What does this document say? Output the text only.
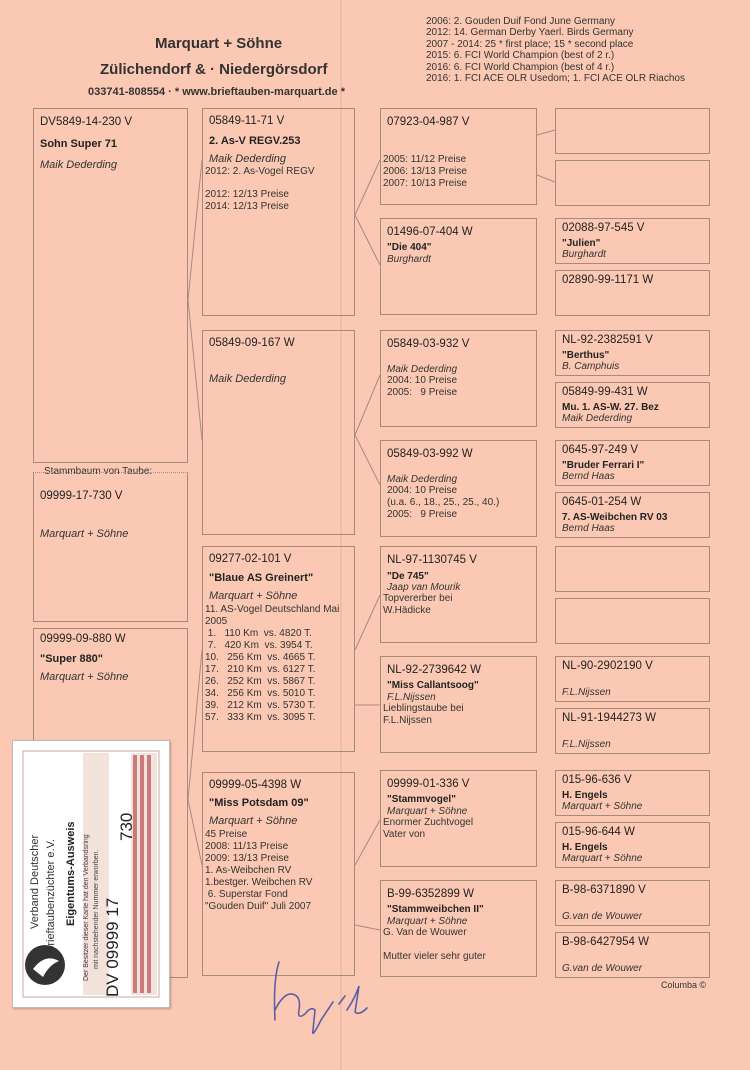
Marquart + Söhne
Zülichendorf & · Niedergörsdorf
033741-808554 · * www.brieftauben-marquart.de *
2006: 2. Gouden Duif Fond June Germany
2012: 14. German Derby Yaerl. Birds Germany
2007 - 2014: 25 * first place; 15 * second place
2015: 6. FCI World Champion (best of 2 r.)
2016: 6. FCI World Champion (best of 4 r.)
2016: 1. FCI ACE OLR Usedom; 1. FCI ACE OLR Riachos
DV5849-14-230 V
Sohn Super 71
Maik Dederding
Stammbaum von Taube:
09999-17-730 V
Marquart + Söhne
09999-09-880 W
"Super 880"
Marquart + Söhne
05849-11-71 V
2. As-V REGV.253
Maik Dederding
2012: 2. As-Vogel REGV
2012: 12/13 Preise
2014: 12/13 Preise
05849-09-167 W
Maik Dederding
09277-02-101 V
"Blaue AS Greinert"
Marquart + Söhne
11. AS-Vogel Deutschland Mai
2005
1.   110 Km  vs. 4820 T.
7.   420 Km  vs. 3954 T.
10.   256 Km  vs. 4665 T.
17.   210 Km  vs. 6127 T.
26.   252 Km  vs. 5867 T.
34.   256 Km  vs. 5010 T.
39.   212 Km  vs. 5730 T.
57.   333 Km  vs. 3095 T.
09999-05-4398 W
"Miss Potsdam 09"
Marquart + Söhne
45 Preise
2008: 11/13 Preise
2009: 13/13 Preise
1. As-Weibchen RV
1.bestger. Weibchen RV
6. Superstar Fond
"Gouden Duif" Juli 2007
07923-04-987 V
2005: 11/12 Preise
2006: 13/13 Preise
2007: 10/13 Preise
01496-07-404 W
"Die 404"
Burghardt
05849-03-932 V
Maik Dederding
2004: 10 Preise
2005:   9 Preise
05849-03-992 W
Maik Dederding
2004: 10 Preise
(u.a. 6., 18., 25., 25., 40.)
2005:   9 Preise
NL-97-1130745 V
"De 745"
Jaap van Mourik
Topvererber bei
W.Hädicke
NL-92-2739642 W
"Miss Callantsoog"
F.L.Nijssen
Lieblingstaube bei
F.L.Nijssen
09999-01-336 V
"Stammvogel"
Marquart + Söhne
Enormer Zuchtvogel
Vater von
B-99-6352899 W
"Stammweibchen II"
Marquart + Söhne
G. Van de Wouwer
Mutter vieler sehr guter
02088-97-545 V
"Julien"
Burghardt
02890-99-1171 W
NL-92-2382591 V
"Berthus"
B. Camphuis
05849-99-431 W
Mu. 1. AS-W. 27. Bez
Maik Dederding
0645-97-249 V
"Bruder Ferrari I"
Bernd Haas
0645-01-254 W
7. AS-Weibchen RV 03
Bernd Haas
NL-90-2902190 V
F.L.Nijssen
NL-91-1944273 W
F.L.Nijssen
015-96-636 V
H. Engels
Marquart + Söhne
015-96-644 W
H. Engels
Marquart + Söhne
B-98-6371890 V
G.van de Wouwer
B-98-6427954 W
G.van de Wouwer
Verband Deutscher Brieftaubenzüchter e.V. Eigentums-Ausweis Der Besitzer dieser Karte hat den Verbandsring mit nachstehender Nummer erworben. DV 09999 17
730
Columba ©
